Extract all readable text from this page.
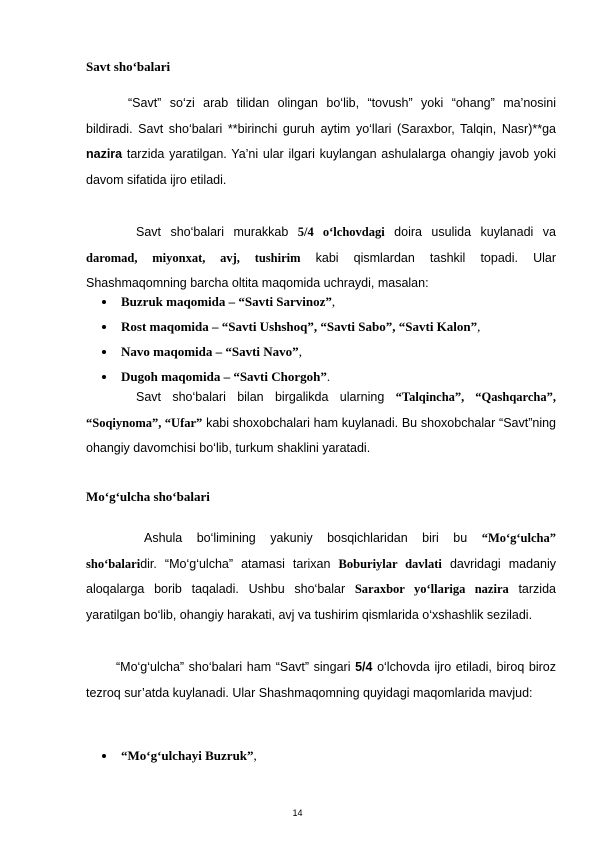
Savt sho‘balari

“Savt” so‘zi arab tilidan olingan bo‘lib, “tovush” yoki “ohang” ma’nosini bildiradi. Savt sho‘balari **birinchi guruh aytim yo‘llari (Saraxbor, Talqin, Nasr)**ga nazira tarzida yaratilgan. Ya’ni ular ilgari kuylangan ashulalarga ohangiy javob yoki davom sifatida ijro etiladi.

Savt sho‘balari murakkab 5/4 o‘lchovdagi doira usulida kuylanadi va daromad, miyonxat, avj, tushirim kabi qismlardan tashkil topadi. Ular Shashmaqomning barcha oltita maqomida uchraydi, masalan:

Buzruk maqomida – “Savti Sarvinoz”,
Rost maqomida – “Savti Ushshoq”, “Savti Sabo”, “Savti Kalon”,
Navo maqomida – “Savti Navo”,
Dugoh maqomida – “Savti Chorgoh”.

Savt sho‘balari bilan birgalikda ularning “Talqincha”, “Qashqarcha”, “Soqiynoma”, “Ufar” kabi shoxobchalari ham kuylanadi. Bu shoxobchalar “Savt”ning ohangiy davomchisi bo‘lib, turkum shaklini yaratadi.

Mo‘g‘ulcha sho‘balari

Ashula bo‘limining yakuniy bosqichlaridan biri bu “Mo‘g‘ulcha” sho‘balaridir. “Mo‘g‘ulcha” atamasi tarixan Boburiylar davlati davridagi madaniy aloqalarga borib taqaladi. Ushbu sho‘balar Saraxbor yo‘llariga nazira tarzida yaratilgan bo‘lib, ohangiy harakati, avj va tushirim qismlarida o‘xshashlik seziladi.

“Mo‘g‘ulcha” sho‘balari ham “Savt” singari 5/4 o‘lchovda ijro etiladi, biroq biroz tezroq sur’atda kuylanadi. Ular Shashmaqomning quyidagi maqomlarida mavjud:

“Mo‘g‘ulchayi Buzruk”,
14
